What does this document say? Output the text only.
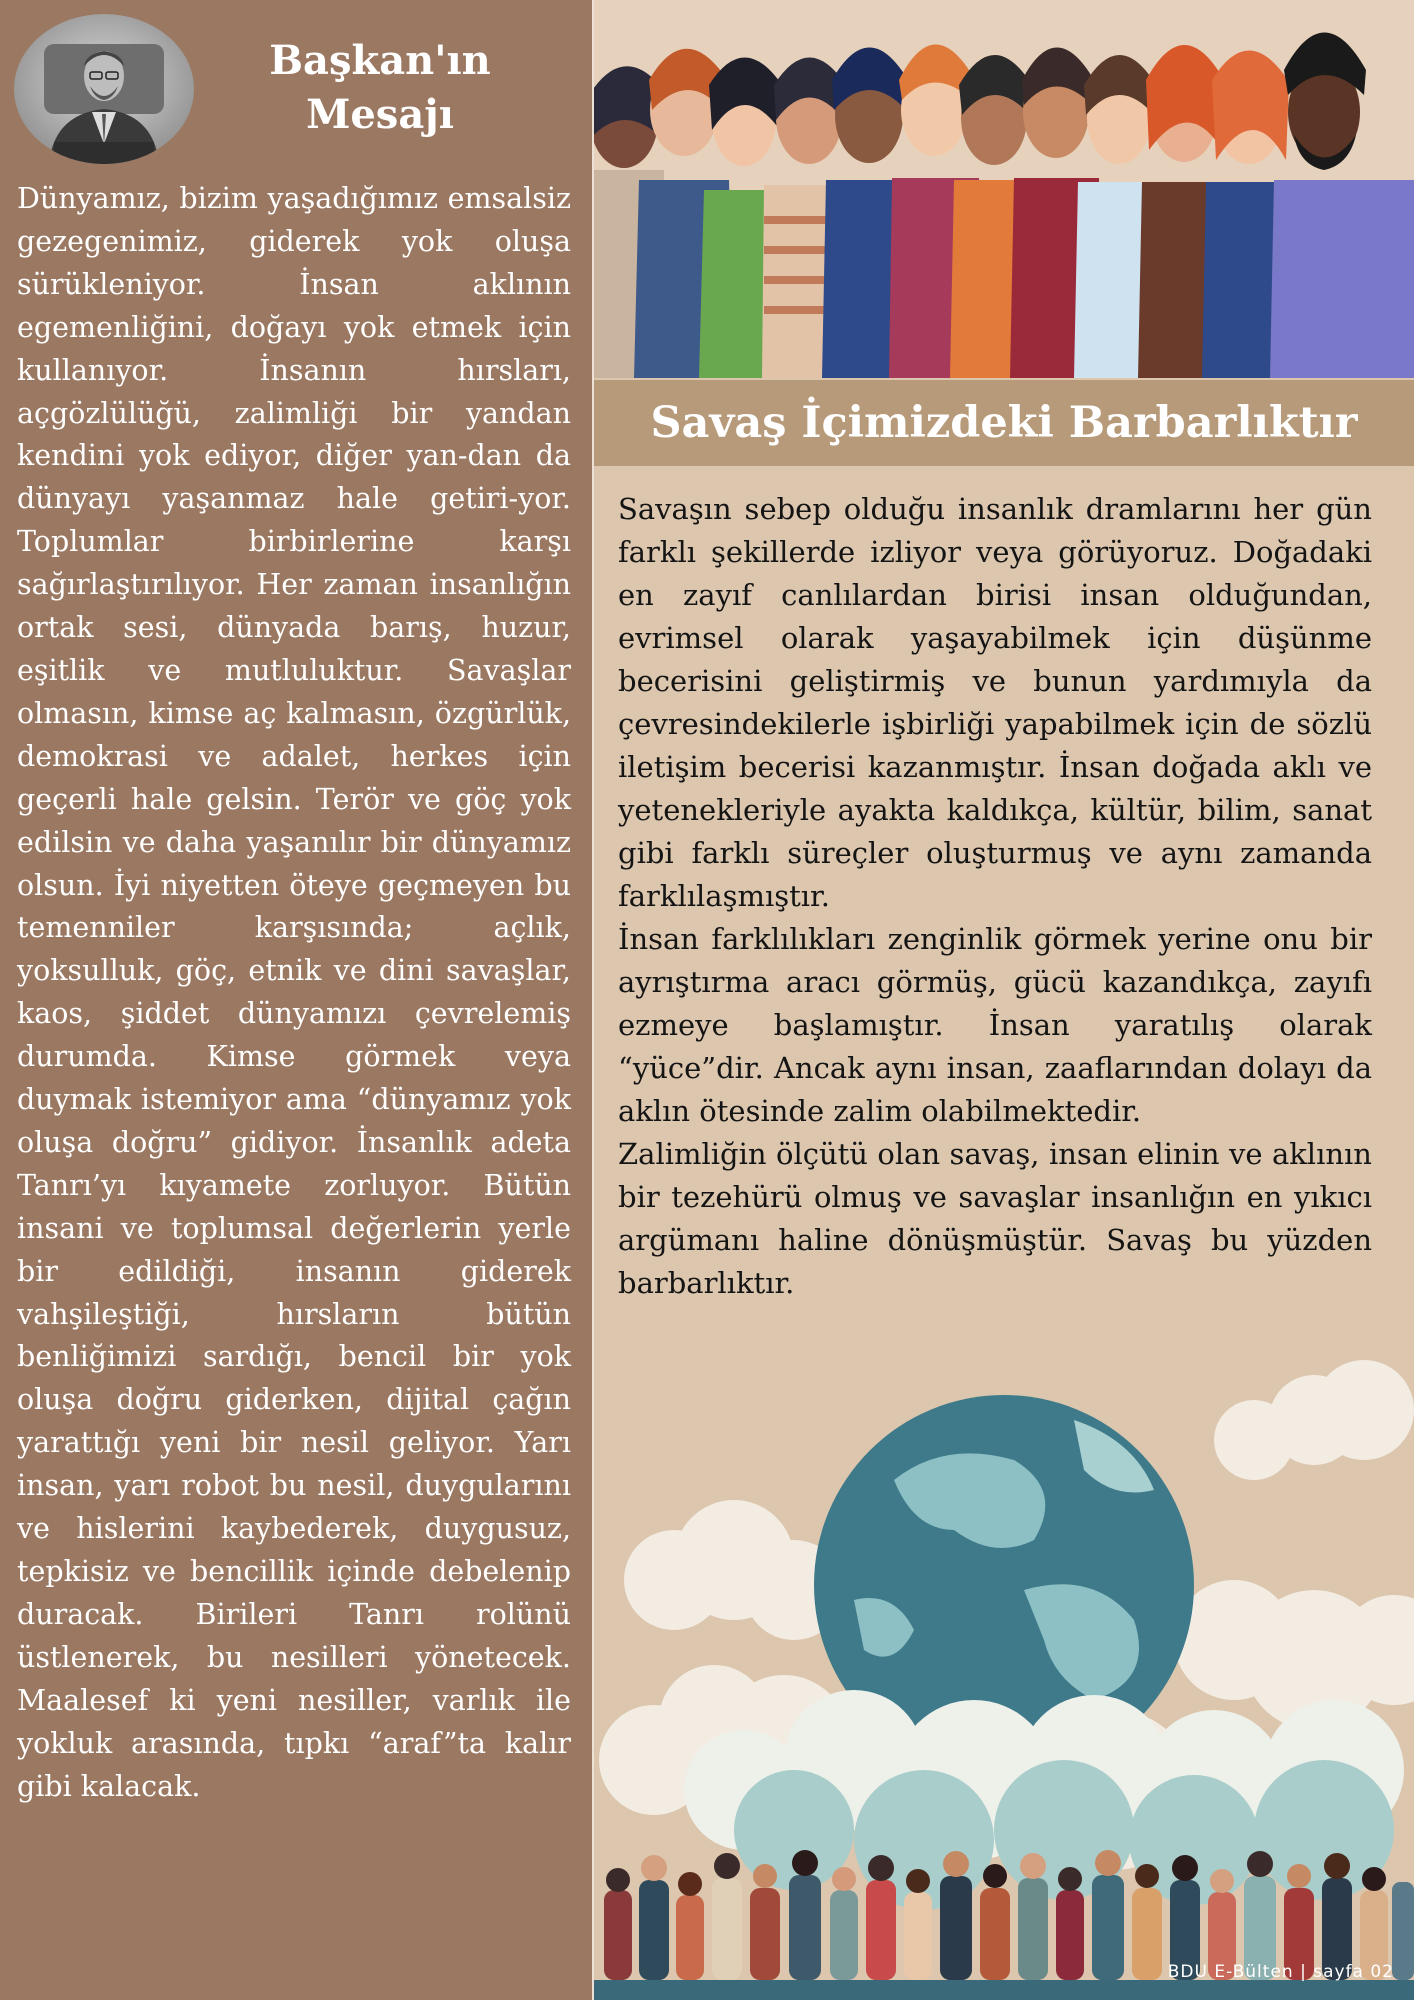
Başkan'ın Mesajı

Dünyamız, bizim yaşadığımız emsalsiz gezegenimiz, giderek yok oluşa sürükleniyor. İnsan aklının egemenliğini, doğayı yok etmek için kullanıyor. İnsanın hırsları, açgözlülüğü, zalimliği bir yandan kendini yok ediyor, diğer yan-dan da dünyayı yaşanmaz hale getiri-yor. Toplumlar birbirlerine karşı sağırlaştırılıyor. Her zaman insanlığın ortak sesi, dünyada barış, huzur, eşitlik ve mutluluktur. Savaşlar olmasın, kimse aç kalmasın, özgürlük, demokrasi ve adalet, herkes için geçerli hale gelsin. Terör ve göç yok edilsin ve daha yaşanılır bir dünyamız olsun. İyi niyetten öteye geçmeyen bu temenniler karşısında; açlık, yoksulluk, göç, etnik ve dini savaşlar, kaos, şiddet dünyamızı çevrelemiş durumda. Kimse görmek veya duymak istemiyor ama “dünyamız yok oluşa doğru” gidiyor. İnsanlık adeta Tanrı’yı kıyamete zorluyor. Bütün insani ve toplumsal değerlerin yerle bir edildiği, insanın giderek vahşileştiği, hırsların bütün benliğimizi sardığı, bencil bir yok oluşa doğru giderken, dijital çağın yarattığı yeni bir nesil geliyor. Yarı insan, yarı robot bu nesil, duygularını ve hislerini kaybederek, duygusuz, tepkisiz ve bencillik içinde debelenip duracak. Birileri Tanrı rolünü üstlenerek, bu nesilleri yönetecek. Maalesef ki yeni nesiller, varlık ile yokluk arasında, tıpkı “araf”ta kalır gibi kalacak.

Savaş İçimizdeki Barbarlıktır

Savaşın sebep olduğu insanlık dramlarını her gün farklı şekillerde izliyor veya görüyoruz. Doğadaki en zayıf canlılardan birisi insan olduğundan, evrimsel olarak yaşayabilmek için düşünme becerisini geliştirmiş ve bunun yardımıyla da çevresindekilerle işbirliği yapabilmek için de sözlü iletişim becerisi kazanmıştır. İnsan doğada aklı ve yetenekleriyle ayakta kaldıkça, kültür, bilim, sanat gibi farklı süreçler oluşturmuş ve aynı zamanda farklılaşmıştır.

İnsan farklılıkları zenginlik görmek yerine onu bir ayrıştırma aracı görmüş, gücü kazandıkça, zayıfı ezmeye başlamıştır. İnsan yaratılış olarak “yüce”dir. Ancak aynı insan, zaaflarından dolayı da aklın ötesinde zalim olabilmektedir.

Zalimliğin ölçütü olan savaş, insan elinin ve aklının bir tezehürü olmuş ve savaşlar insanlığın en yıkıcı argümanı haline dönüşmüştür. Savaş bu yüzden barbarlıktır.

BDU E-Bülten | sayfa 02
